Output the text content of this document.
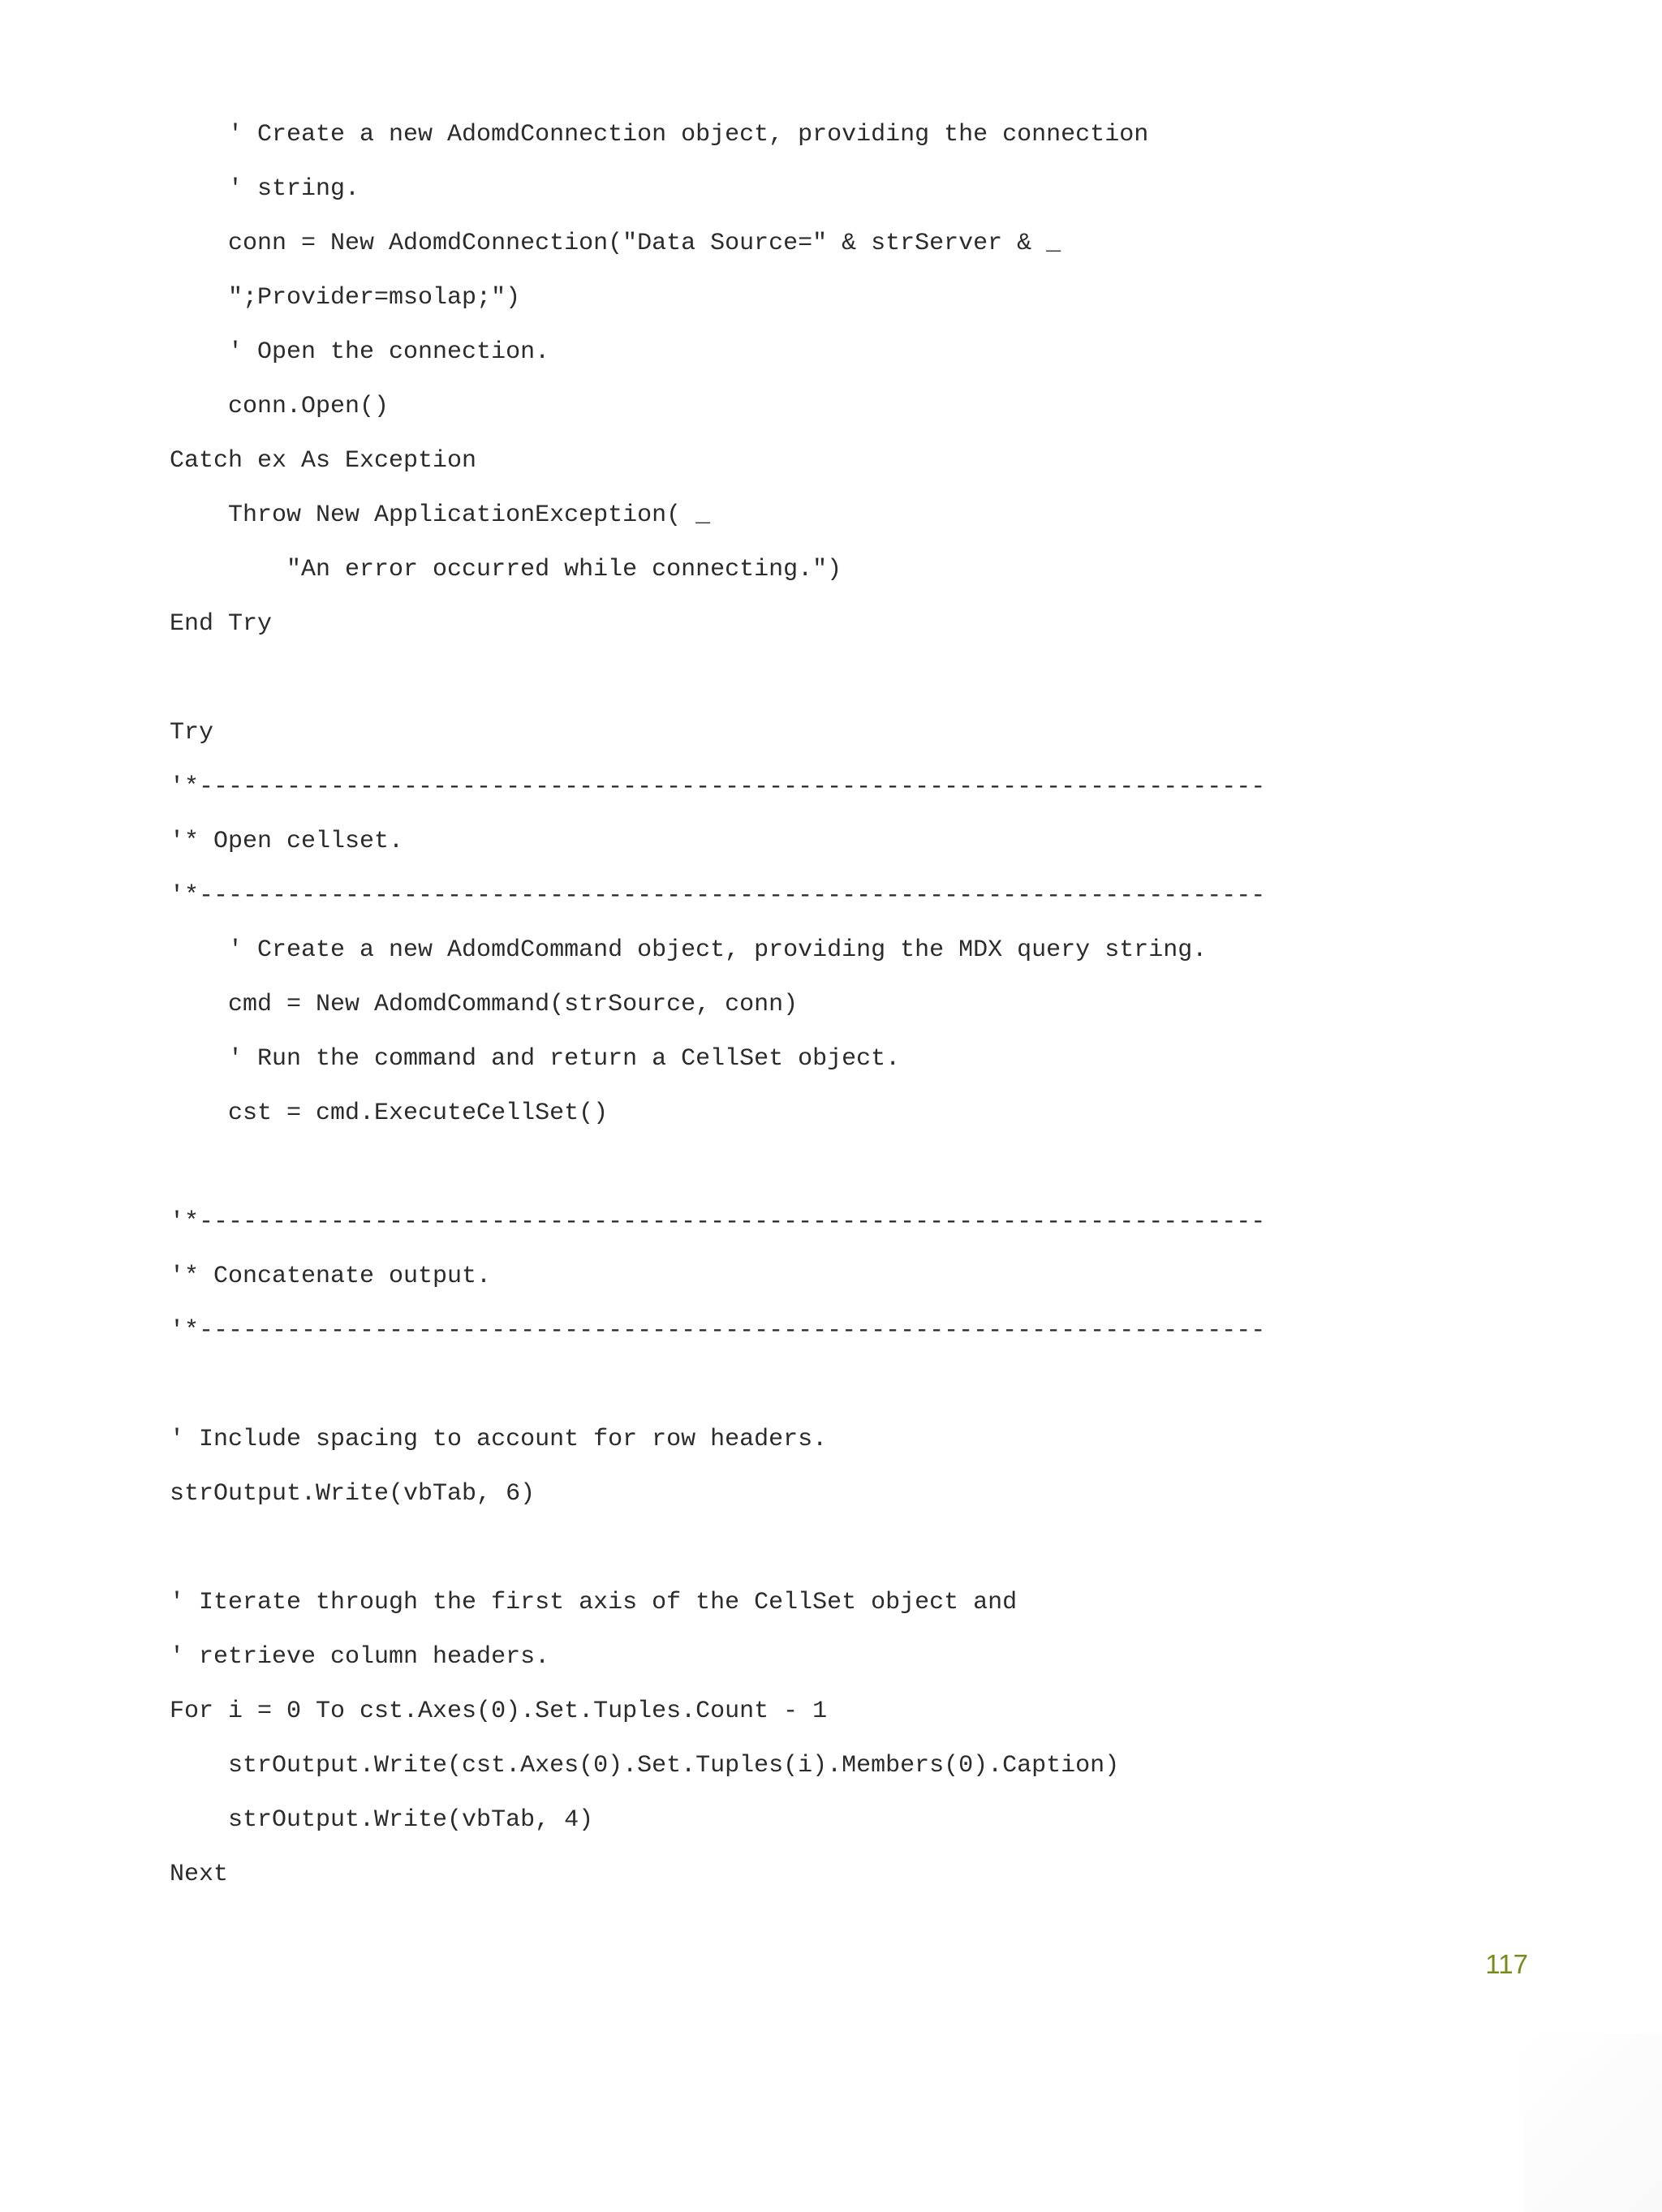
' Create a new AdomdConnection object, providing the connection
' string.
conn = New AdomdConnection("Data Source=" & strServer & _
";Provider=msolap;")
' Open the connection.
conn.Open()
Catch ex As Exception
Throw New ApplicationException( _
"An error occurred while connecting.")
End Try
Try
'*-------------------------------------------------------------------------
'* Open cellset.
'*-------------------------------------------------------------------------
' Create a new AdomdCommand object, providing the MDX query string.
cmd = New AdomdCommand(strSource, conn)
' Run the command and return a CellSet object.
cst = cmd.ExecuteCellSet()
'*-------------------------------------------------------------------------
'* Concatenate output.
'*-------------------------------------------------------------------------
' Include spacing to account for row headers.
strOutput.Write(vbTab, 6)
' Iterate through the first axis of the CellSet object and
' retrieve column headers.
For i = 0 To cst.Axes(0).Set.Tuples.Count - 1
strOutput.Write(cst.Axes(0).Set.Tuples(i).Members(0).Caption)
strOutput.Write(vbTab, 4)
Next
117
